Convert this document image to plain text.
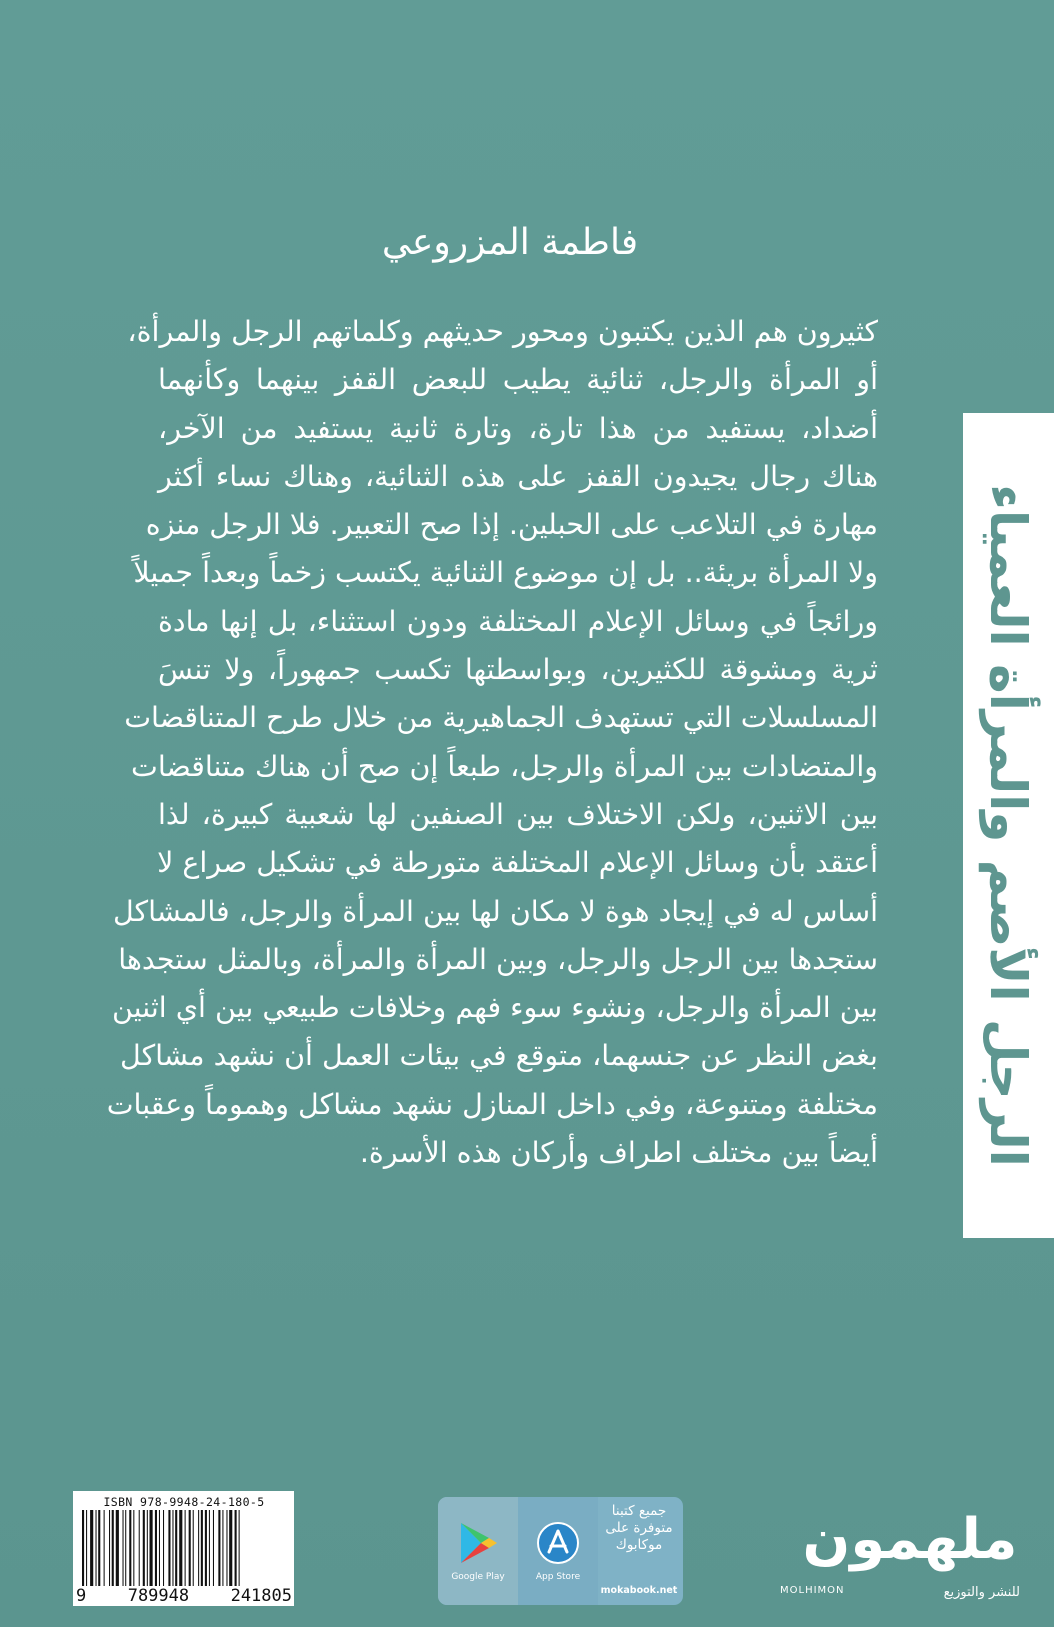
فاطمة المزروعي
كثيرون هم الذين يكتبون ومحور حديثهم وكلماتهم الرجل والمرأة،
أو المرأة والرجل، ثنائية يطيب للبعض القفز بينهما وكأنهما
أضداد، يستفيد من هذا تارة، وتارة ثانية يستفيد من الآخر،
هناك رجال يجيدون القفز على هذه الثنائية، وهناك نساء أكثر
مهارة في التلاعب على الحبلين. إذا صح التعبير. فلا الرجل منزه
ولا المرأة بريئة.. بل إن موضوع الثنائية يكتسب زخماً وبعداً جميلاً
ورائجاً في وسائل الإعلام المختلفة ودون استثناء، بل إنها مادة
ثرية ومشوقة للكثيرين، وبواسطتها تكسب جمهوراً، ولا تنسَ
المسلسلات التي تستهدف الجماهيرية من خلال طرح المتناقضات
والمتضادات بين المرأة والرجل، طبعاً إن صح أن هناك متناقضات
بين الاثنين، ولكن الاختلاف بين الصنفين لها شعبية كبيرة، لذا
أعتقد بأن وسائل الإعلام المختلفة متورطة في تشكيل صراع لا
أساس له في إيجاد هوة لا مكان لها بين المرأة والرجل، فالمشاكل
ستجدها بين الرجل والرجل، وبين المرأة والمرأة، وبالمثل ستجدها
بين المرأة والرجل، ونشوء سوء فهم وخلافات طبيعي بين أي اثنين
بغض النظر عن جنسهما، متوقع في بيئات العمل أن نشهد مشاكل
مختلفة ومتنوعة، وفي داخل المنازل نشهد مشاكل وهموماً وعقبات
أيضاً بين مختلف اطراف وأركان هذه الأسرة.	الرجل الأصم والمرأة العمياء
ISBN 978-9948-24-180-5
9 789948 241805
Google Play	App Store
جميع كتبنا متوفرة على موكابوك
mokabook.net
ملهمون
MOLHIMON	للنشر والتوزيع
